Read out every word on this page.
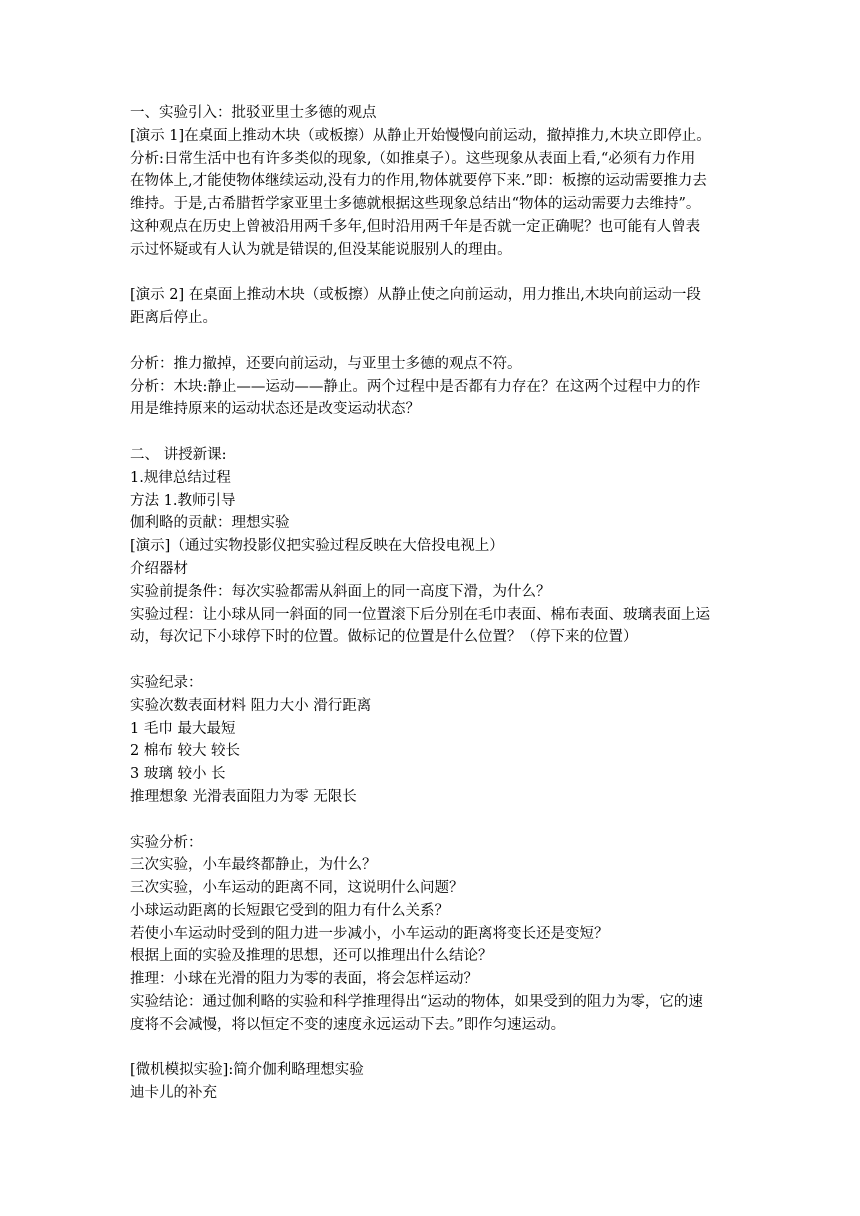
一、实验引入：批驳亚里士多德的观点
[演示 1]在桌面上推动木块（或板擦）从静止开始慢慢向前运动，撤掉推力,木块立即停止。
分析:日常生活中也有许多类似的现象,（如推桌子）。这些现象从表面上看,“必须有力作用
在物体上,才能使物体继续运动,没有力的作用,物体就要停下来.”即：板擦的运动需要推力去
维持。于是,古希腊哲学家亚里士多德就根据这些现象总结出“物体的运动需要力去维持”。
这种观点在历史上曾被沿用两千多年,但时沿用两千年是否就一定正确呢？也可能有人曾表
示过怀疑或有人认为就是错误的,但没某能说服别人的理由。
[演示 2] 在桌面上推动木块（或板擦）从静止使之向前运动，用力推出,木块向前运动一段
距离后停止。
分析：推力撤掉，还要向前运动，与亚里士多德的观点不符。
分析：木块:静止——运动——静止。两个过程中是否都有力存在？在这两个过程中力的作
用是维持原来的运动状态还是改变运动状态？
二、 讲授新课:
1.规律总结过程
方法 1.教师引导
伽利略的贡献：理想实验
[演示]（通过实物投影仪把实验过程反映在大倍投电视上）
介绍器材
实验前提条件：每次实验都需从斜面上的同一高度下滑，为什么？
实验过程：让小球从同一斜面的同一位置滚下后分别在毛巾表面、棉布表面、玻璃表面上运
动，每次记下小球停下时的位置。做标记的位置是什么位置？（停下来的位置）
实验纪录：
实验次数表面材料 阻力大小 滑行距离
1 毛巾 最大最短
2 棉布 较大 较长
3 玻璃 较小 长
推理想象 光滑表面阻力为零 无限长
实验分析：
三次实验，小车最终都静止，为什么？
三次实验，小车运动的距离不同，这说明什么问题？
小球运动距离的长短跟它受到的阻力有什么关系？
若使小车运动时受到的阻力进一步减小，小车运动的距离将变长还是变短？
根据上面的实验及推理的思想，还可以推理出什么结论？
推理：小球在光滑的阻力为零的表面，将会怎样运动？
实验结论：通过伽利略的实验和科学推理得出“运动的物体，如果受到的阻力为零，它的速
度将不会减慢，将以恒定不变的速度永远运动下去。”即作匀速运动。
[微机模拟实验]:简介伽利略理想实验
迪卡儿的补充
